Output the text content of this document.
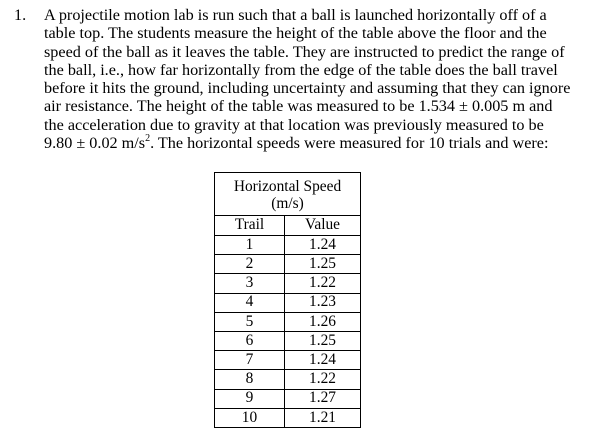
1.	A projectile motion lab is run such that a ball is launched horizontally off of a
table top. The students measure the height of the table above the floor and the
speed of the ball as it leaves the table. They are instructed to predict the range of
the ball, i.e., how far horizontally from the edge of the table does the ball travel
before it hits the ground, including uncertainty and assuming that they can ignore
air resistance. The height of the table was measured to be 1.534 ± 0.005 m and
the acceleration due to gravity at that location was previously measured to be
9.80 ± 0.02 $m/s^2$. The horizontal speeds were measured for 10 trials and were:
Horizontal Speed
(m/s)	

Trail	Value
1	1.24
2	1.25
3	1.22
4	1.23
5	1.26
6	1.25
7	1.24
8	1.22
9	1.27
10	1.21
